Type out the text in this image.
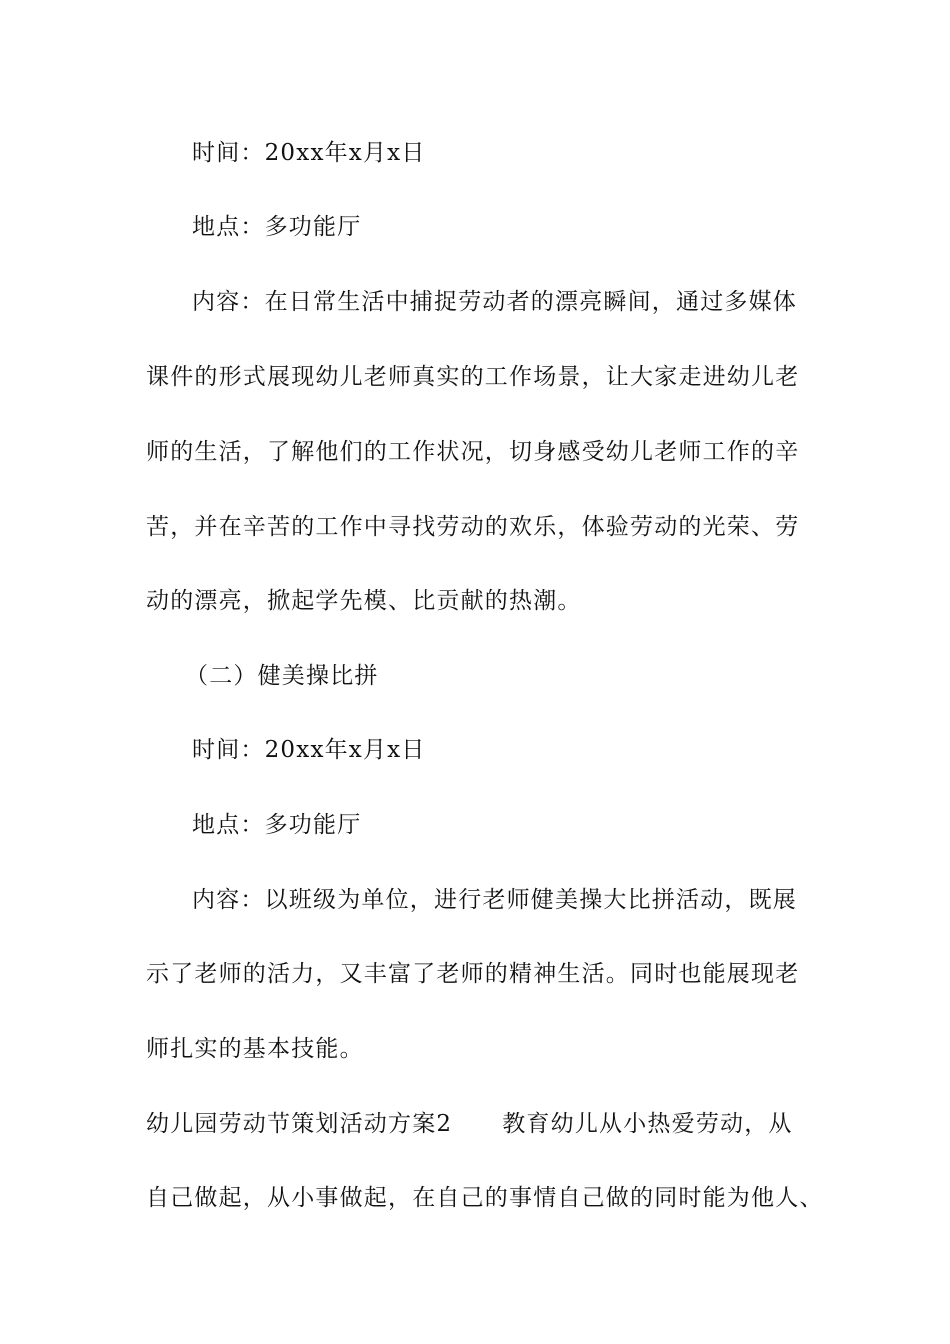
时间：20xx年x月x日
地点：多功能厅
内容：在日常生活中捕捉劳动者的漂亮瞬间，通过多媒体
课件的形式展现幼儿老师真实的工作场景，让大家走进幼儿老
师的生活，了解他们的工作状况，切身感受幼儿老师工作的辛
苦，并在辛苦的工作中寻找劳动的欢乐，体验劳动的光荣、劳
动的漂亮，掀起学先模、比贡献的热潮。
（二）健美操比拼
时间：20xx年x月x日
地点：多功能厅
内容：以班级为单位，进行老师健美操大比拼活动，既展
示了老师的活力，又丰富了老师的精神生活。同时也能展现老
师扎实的基本技能。
幼儿园劳动节策划活动方案2 教育幼儿从小热爱劳动，从
自己做起，从小事做起，在自己的事情自己做的同时能为他人、
